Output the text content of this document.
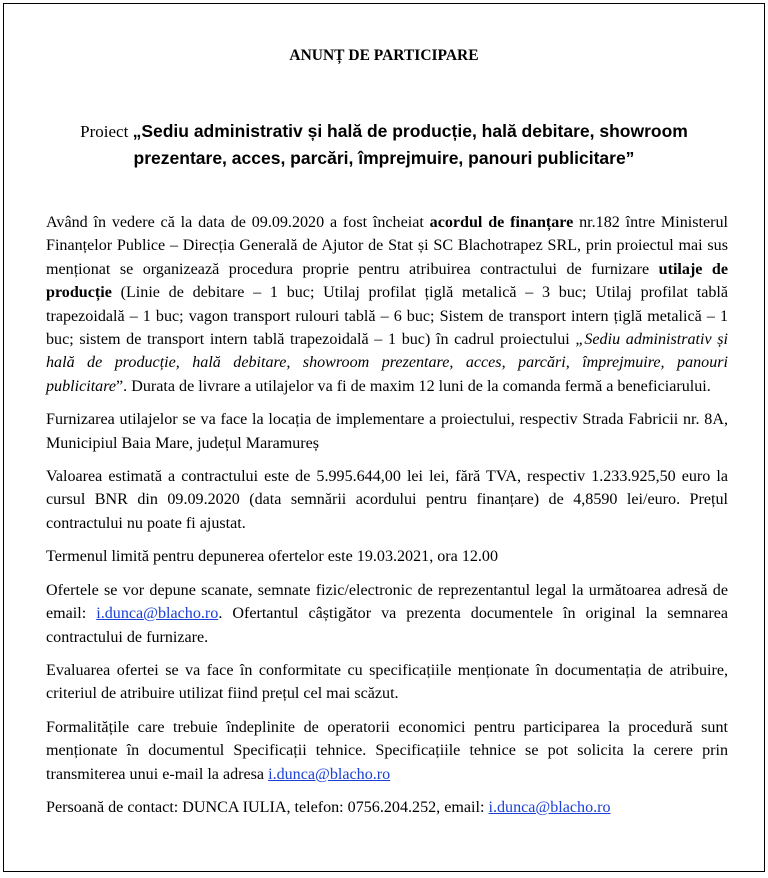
ANUNȚ DE PARTICIPARE
Proiect „Sediu administrativ și hală de producție, hală debitare, showroom prezentare, acces, parcări, împrejmuire, panouri publicitare”

Având în vedere că la data de 09.09.2020 a fost încheiat acordul de finanțare nr.182 între Ministerul Finanțelor Publice – Direcția Generală de Ajutor de Stat și SC Blachotrapez SRL, prin proiectul mai sus menționat se organizează procedura proprie pentru atribuirea contractului de furnizare utilaje de producție (Linie de debitare – 1 buc; Utilaj profilat țiglă metalică – 3 buc; Utilaj profilat tablă trapezoidală – 1 buc; vagon transport rulouri tablă – 6 buc; Sistem de transport intern țiglă metalică – 1 buc; sistem de transport intern tablă trapezoidală – 1 buc) în cadrul proiectului „Sediu administrativ și hală de producție, hală debitare, showroom prezentare, acces, parcări, împrejmuire, panouri publicitare”. Durata de livrare a utilajelor va fi de maxim 12 luni de la comanda fermă a beneficiarului.

Furnizarea utilajelor se va face la locația de implementare a proiectului, respectiv Strada Fabricii nr. 8A, Municipiul Baia Mare, județul Maramureș

Valoarea estimată a contractului este de 5.995.644,00 lei lei, fără TVA, respectiv 1.233.925,50 euro la cursul BNR din 09.09.2020 (data semnării acordului pentru finanțare) de 4,8590 lei/euro. Prețul contractului nu poate fi ajustat.

Termenul limită pentru depunerea ofertelor este 19.03.2021, ora 12.00

Ofertele se vor depune scanate, semnate fizic/electronic de reprezentantul legal la următoarea adresă de email: i.dunca@blacho.ro. Ofertantul câștigător va prezenta documentele în original la semnarea contractului de furnizare.

Evaluarea ofertei se va face în conformitate cu specificațiile menționate în documentația de atribuire, criteriul de atribuire utilizat fiind prețul cel mai scăzut.

Formalitățile care trebuie îndeplinite de operatorii economici pentru participarea la procedură sunt menționate în documentul Specificații tehnice. Specificațiile tehnice se pot solicita la cerere prin transmiterea unui e-mail la adresa i.dunca@blacho.ro

Persoană de contact: DUNCA IULIA, telefon: 0756.204.252, email: i.dunca@blacho.ro
